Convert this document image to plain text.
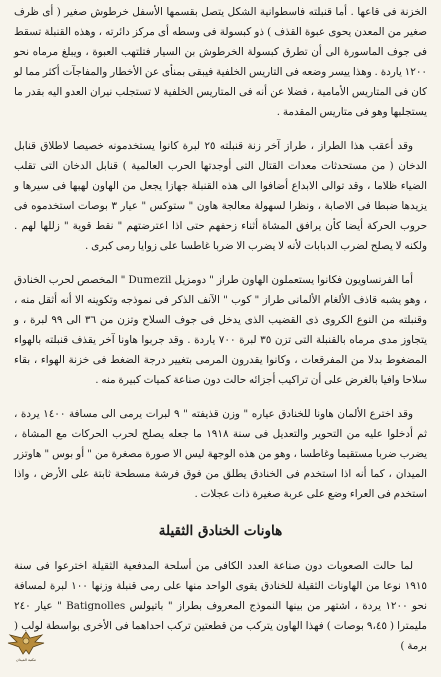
الخزنة فى قاعها . أما قنبلته فاسطوانية الشكل يتصل بقسمها الأسفل خرطوش صغير ( أى ظرف صغير من المعدن يحوى عبوة القذف ) ذو كبسولة فى وسطه أى مركز دائرته ، وهذه القنبلة تسقط فى جوف الماسورة الى أن تطرق كبسولة الخرطوش بن السيار فتلتهب العبوة ، ويبلغ مرماه نحو ١٢٠٠ ياردة . وهذا ييسر وضعه فى التاريس الخلفية فيبقى بمنأى عن الأخطار والمفاجآت أكثر مما لو كان فى المتاريس الأمامية ، فضلا عن أنه فى المتاريس الخلفية لا تستجلب نيران العدو اليه بقدر ما يستجلبها وهو فى متاريس المقدمة .

وقد أعقب هذا الطراز ، طراز آخر زنة قنبلته ٢٥ لبرة كانوا يستخدمونه خصيصا لاطلاق قنابل الدخان ( من مستحدثات معدات القتال التى أوجدتها الحرب العالمية ) قنابل الدخان التى تقلب الضياء ظلاما ، وقد توالى الابداع أضافوا الى هذه القنبلة جهازا يجعل من الهاون لهبها فى سيرها و يزيدها ضبطا فى الاصابة ، ونظرا لسهولة معالجة هاون " ستوكس " عيار ٣ بوصات استخدموه فى حروب الحركة أيضا كأن يرافق المشاة أثناء زحفهم حتى اذا اعترضتهم " نقط قوية " زللها لهم . ولكنه لا يصلح لضرب الدبابات لأنه لا يضرب الا ضربا غاطسا على زوايا رمى كبرى .

أما الفرنساويون فكانوا يستعملون الهاون طراز " دومزيل Dumezil " المخصص لحرب الخنادق ، وهو يشبه قاذف الألغام الألمانى طراز " كوب " الآنف الذكر فى نموذجه وتكوينه الا أنه أثقل منه ، وقنبلته من النوع الكروى ذى القضيب الذى يدخل فى جوف السلاح وتزن من ٣٦ الى ٩٩ لبرة ، و يتجاوز مدى مرماه بالقنبلة التى تزن ٣٥ لبرة ٧٠٠ ياردة . وقد جربوا هاونا آخر يقذف قنبلته بالهواء المضغوط بدلا من المفرقعات ، وكانوا يقدرون المرمى بتغيير درجة الضغط فى خزنة الهواء ، بقاء سلاحا وافيا بالغرض على أن تراكيب أجزائه حالت دون صناعة كميات كبيرة منه .

وقد اخترع الألمان هاونا للخنادق عياره " وزن قذيفته " ٩ لبرات يرمى الى مسافة ١٤٠٠ يردة ، ثم أدخلوا عليه من التحوير والتعديل فى سنة ١٩١٨ ما جعله يصلح لحرب الحركات مع المشاة ، يضرب ضربا مستقيما وغاطسا ، وهو من هذه الوجهة ليس الا صورة مصغرة من " أو بوس " هاوتزر الميدان ، كما أنه اذا استخدم فى الخنادق يطلق من فوق فرشة مسطحة ثابتة على الأرض ، واذا استخدم فى العراء وضع على عربة صغيرة ذات عجلات .

هاونات الخنادق الثقيلة

لما حالت الصعوبات دون صناعة العدد الكافى من أسلحة المدفعية الثقيلة اخترعوا فى سنة ١٩١٥ نوعا من الهاونات الثقيلة للخنادق يقوى الواحد منها على رمى قنبلة وزنها ١٠٠ لبرة لمسافة نحو ١٢٠٠ يردة ، اشتهر من بينها النموذج المعروف بطراز " باتيولس Batignolles " عيار ٢٤٠ مليمترا ( ٩،٤٥ بوصات ) فهذا الهاون يتركب من قطعتين تركب احداهما فى الأخرى بواسطة لولب ( برمة )

مكتبة الميدان
